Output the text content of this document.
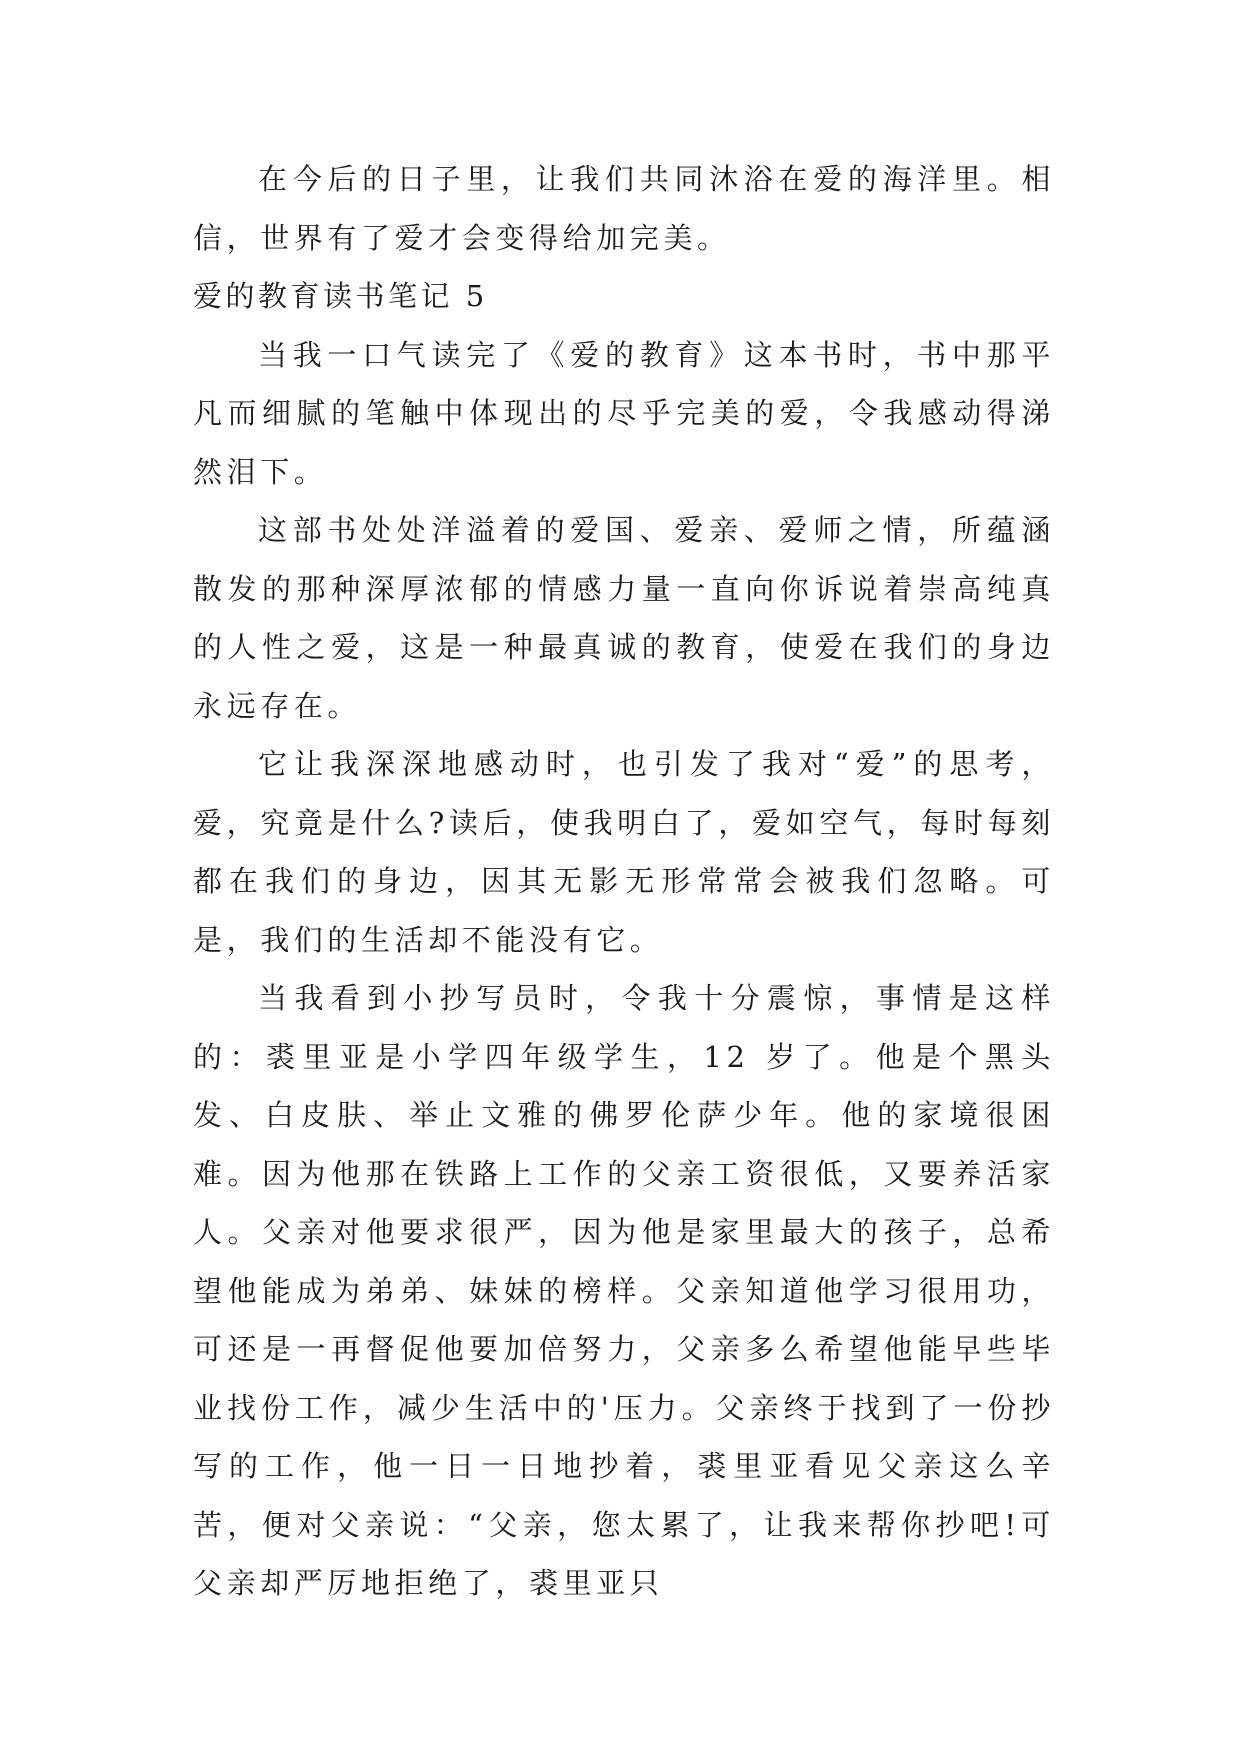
在今后的日子里，让我们共同沐浴在爱的海洋里。相信，世界有了爱才会变得给加完美。

爱的教育读书笔记 5

当我一口气读完了《爱的教育》这本书时，书中那平凡而细腻的笔触中体现出的尽乎完美的爱，令我感动得涕然泪下。

这部书处处洋溢着的爱国、爱亲、爱师之情，所蕴涵散发的那种深厚浓郁的情感力量一直向你诉说着崇高纯真的人性之爱，这是一种最真诚的教育，使爱在我们的身边永远存在。

它让我深深地感动时，也引发了我对“爱”的思考，爱，究竟是什么?读后，使我明白了，爱如空气，每时每刻都在我们的身边，因其无影无形常常会被我们忽略。可是，我们的生活却不能没有它。

当我看到小抄写员时，令我十分震惊，事情是这样的：裘里亚是小学四年级学生，12 岁了。他是个黑头发、白皮肤、举止文雅的佛罗伦萨少年。他的家境很困难。因为他那在铁路上工作的父亲工资很低，又要养活家人。父亲对他要求很严，因为他是家里最大的孩子，总希望他能成为弟弟、妹妹的榜样。父亲知道他学习很用功，可还是一再督促他要加倍努力，父亲多么希望他能早些毕业找份工作，减少生活中的'压力。父亲终于找到了一份抄写的工作，他一日一日地抄着，裘里亚看见父亲这么辛苦，便对父亲说：“父亲，您太累了，让我来帮你抄吧!可父亲却严厉地拒绝了，裘里亚只
